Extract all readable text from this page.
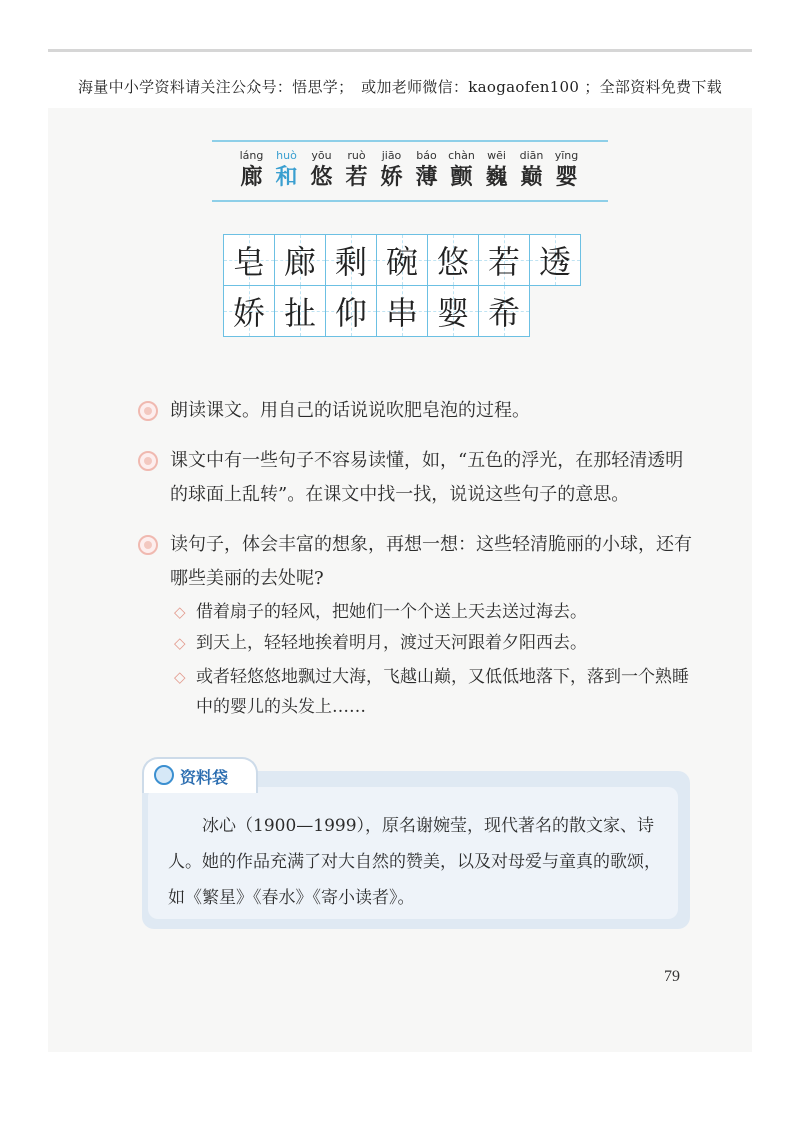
海量中小学资料请关注公众号：悟思学；　或加老师微信：kaogaofen100 ；全部资料免费下载
láng
廊
huò
和
yōu
悠
ruò
若
jiāo
娇
báo
薄
chàn
颤
wēi
巍
diān
巅
yīng
婴
皂 廊 剩 碗 悠 若 透
娇 扯 仰 串 婴 希
朗读课文。用自己的话说说吹肥皂泡的过程。
课文中有一些句子不容易读懂，如，“五色的浮光，在那轻清透明的球面上乱转”。在课文中找一找，说说这些句子的意思。
读句子，体会丰富的想象，再想一想：这些轻清脆丽的小球，还有哪些美丽的去处呢?
◇ 借着扇子的轻风，把她们一个个送上天去送过海去。
◇ 到天上，轻轻地挨着明月，渡过天河跟着夕阳西去。
◇ 或者轻悠悠地飘过大海，飞越山巅，又低低地落下，落到一个熟睡中的婴儿的头发上……
资料袋
冰心（1900—1999），原名谢婉莹，现代著名的散文家、诗人。她的作品充满了对大自然的赞美，以及对母爱与童真的歌颂，如《繁星》《春水》《寄小读者》。
79
